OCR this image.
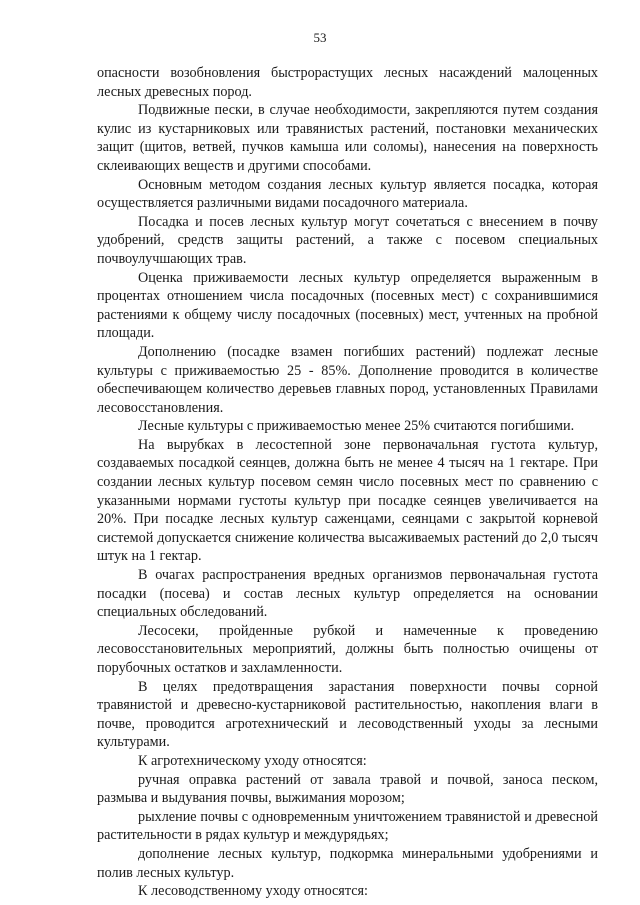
53

опасности возобновления быстрорастущих лесных насаждений малоценных лесных древесных пород.

Подвижные пески, в случае необходимости, закрепляются путем создания кулис из кустарниковых или травянистых растений, постановки механических защит (щитов, ветвей, пучков камыша или соломы), нанесения на поверхность склеивающих веществ и другими способами.

Основным методом создания лесных культур является посадка, которая осуществляется различными видами посадочного материала.

Посадка и посев лесных культур могут сочетаться с внесением в почву удобрений, средств защиты растений, а также с посевом специальных почвоулучшающих трав.

Оценка приживаемости лесных культур определяется выраженным в процентах отношением числа посадочных (посевных мест) с сохранившимися растениями к общему числу посадочных (посевных) мест, учтенных на пробной площади.

Дополнению (посадке взамен погибших растений) подлежат лесные культуры с приживаемостью 25 - 85%. Дополнение проводится в количестве обеспечивающем количество деревьев главных пород, установленных Правилами лесовосстановления.

Лесные культуры с приживаемостью менее 25% считаются погибшими.

На вырубках в лесостепной зоне первоначальная густота культур, создаваемых посадкой сеянцев, должна быть не менее 4 тысяч на 1 гектаре. При создании лесных культур посевом семян число посевных мест по сравнению с указанными нормами густоты культур при посадке сеянцев увеличивается на 20%. При посадке лесных культур саженцами, сеянцами с закрытой корневой системой допускается снижение количества высаживаемых растений до 2,0 тысяч штук на 1 гектар.

В очагах распространения вредных организмов первоначальная густота посадки (посева) и состав лесных культур определяется на основании специальных обследований.

Лесосеки, пройденные рубкой и намеченные к проведению лесовосстановительных мероприятий, должны быть полностью очищены от порубочных остатков и захламленности.

В целях предотвращения зарастания поверхности почвы сорной травянистой и древесно-кустарниковой растительностью, накопления влаги в почве, проводится агротехнический и лесоводственный уходы за лесными культурами.

К агротехническому уходу относятся:

ручная оправка растений от завала травой и почвой, заноса песком, размыва и выдувания почвы, выжимания морозом;

рыхление почвы с одновременным уничтожением травянистой и древесной растительности в рядах культур и междурядьях;

дополнение лесных культур, подкормка минеральными удобрениями и полив лесных культур.

К лесоводственному уходу относятся:
